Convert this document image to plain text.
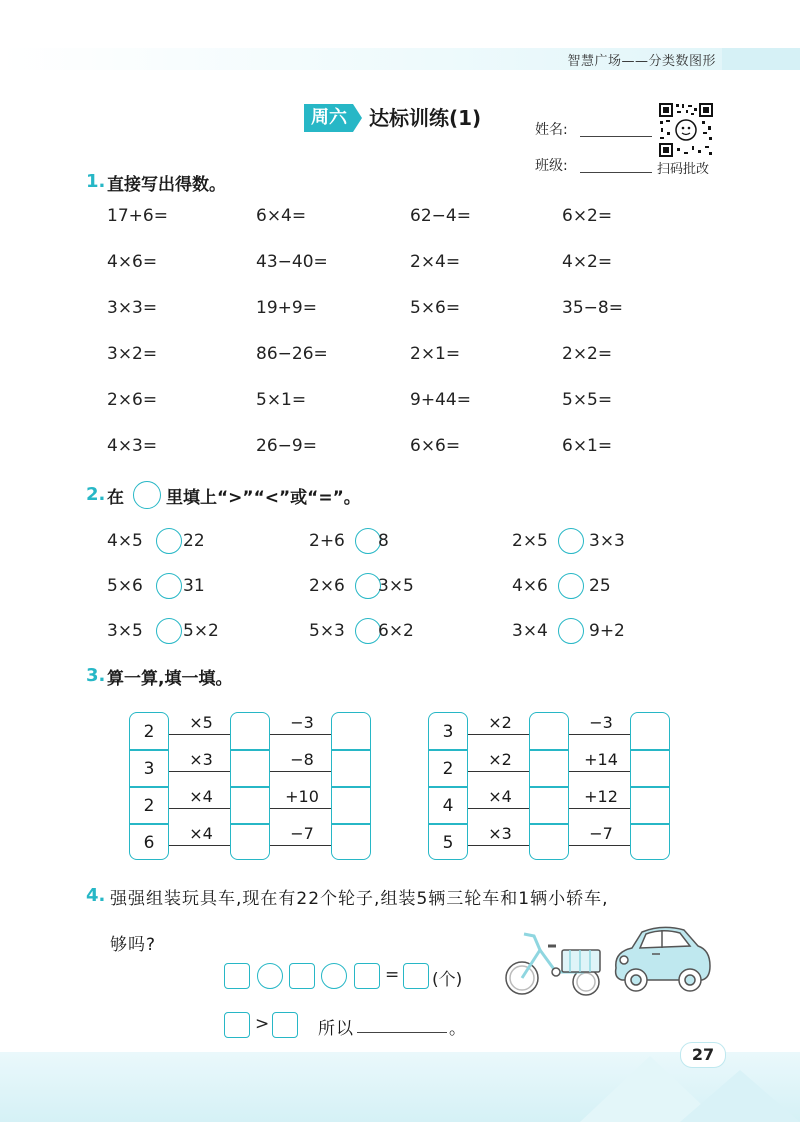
智慧广场——分类数图形
周六	达标训练(1)	姓名:
班级:	扫码批改
1. 直接写出得数。
2. 在 里填上“>”“<”或“=”。
3. 算一算,填一填。
4. 强强组装玩具车,现在有22个轮子,组装5辆三轮车和1辆小轿车,
够吗?
= (个)
>	所以	。
27
17+6=	6×4=	62−4=	6×2=
4×6=	43−40=	2×4=	4×2=
3×3=	19+9=	5×6=	35−8=
3×2=	86−26=	2×1=	2×2=
2×6=	5×1=	9+44=	5×5=
4×3=	26−9=	6×6=	6×1=
4×5 22	2+6 8	2×5 3×3
5×6 31	2×6 3×5	4×6 25
3×5 5×2	5×3 6×2	3×4 9+2
2	×5	−3
3	×3	−8
2	×4	+10
6	×4	−7
3	×2	−3
2	×2	+14
4	×4	+12
5	×3	−7
